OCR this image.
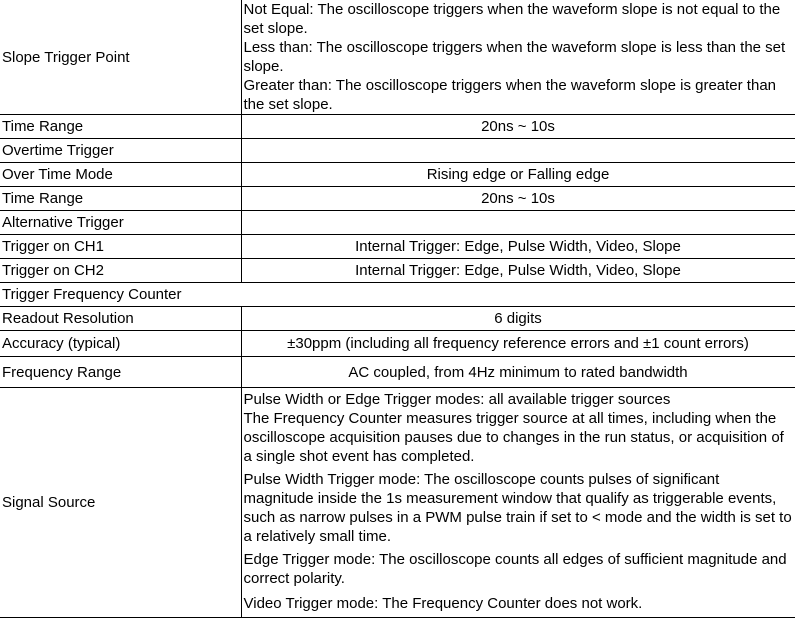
Slope Trigger Point	Not Equal: The oscilloscope triggers when the waveform slope is not equal to the set slope.
Less than: The oscilloscope triggers when the waveform slope is less than the set slope.
Greater than: The oscilloscope triggers when the waveform slope is greater than the set slope.

Time Range	20ns ~ 10s
Overtime Trigger	
Over Time Mode	Rising edge or Falling edge
Time Range	20ns ~ 10s
Alternative Trigger	
Trigger on CH1	Internal Trigger: Edge, Pulse Width, Video, Slope
Trigger on CH2	Internal Trigger: Edge, Pulse Width, Video, Slope
Trigger Frequency Counter	
Readout Resolution	6 digits
Accuracy (typical)	±30ppm (including all frequency reference errors and ±1 count errors)
Frequency Range	AC coupled, from 4Hz minimum to rated bandwidth
Signal Source	Pulse Width or Edge Trigger modes: all available trigger sources
The Frequency Counter measures trigger source at all times, including when the oscilloscope acquisition pauses due to changes in the run status, or acquisition of a single shot event has completed.
Pulse Width Trigger mode: The oscilloscope counts pulses of significant magnitude inside the 1s measurement window that qualify as triggerable events, such as narrow pulses in a PWM pulse train if set to < mode and the width is set to a relatively small time.
Edge Trigger mode: The oscilloscope counts all edges of sufficient magnitude and correct polarity.
Video Trigger mode: The Frequency Counter does not work.
